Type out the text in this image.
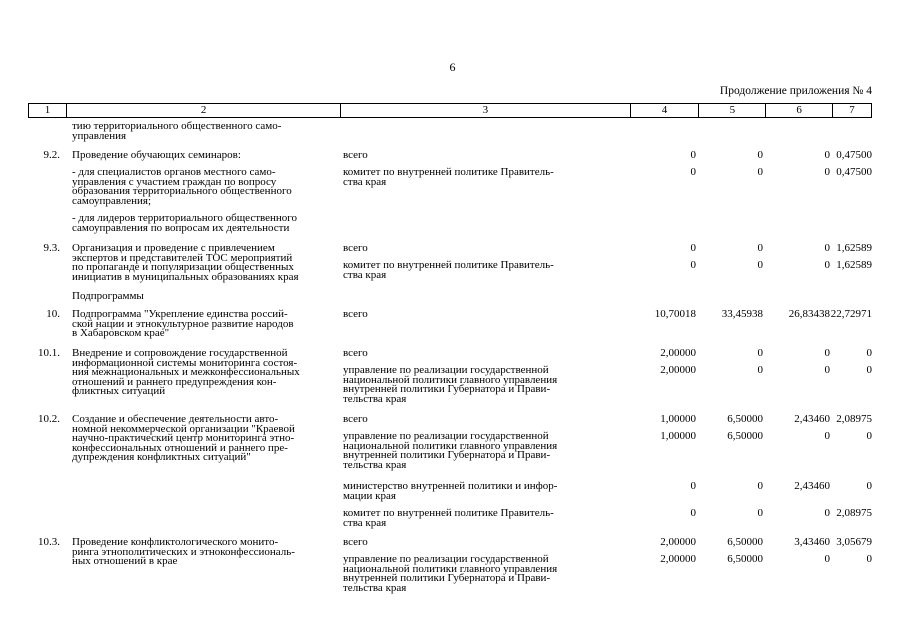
6
Продолжение приложения № 4
1	2	3	4	5	6	7
тию территориального общественного само-
управления
9.2.	Проведение обучающих семинаров:	всего	0	0	0 0,47500
- для специалистов органов местного само-
управления с участием граждан по вопросу
образования территориального общественного
самоуправления;
комитет по внутренней политике Правитель-
ства края
0	0	0 0,47500
- для лидеров территориального общественного
самоуправления по вопросам их деятельности
9.3.	Организация и проведение с привлечением
экспертов и представителей ТОС мероприятий
по пропаганде и популяризации общественных
инициатив в муниципальных образованиях края
всего	0	0	0 1,62589
комитет по внутренней политике Правитель-
ства края
0	0	0 1,62589
Подпрограммы
10.	Подпрограмма "Укрепление единства россий-
ской нации и этнокультурное развитие народов
в Хабаровском крае"
всего	10,70018	33,45938	26,83438 22,72971
10.1.	Внедрение и сопровождение государственной
информационной системы мониторинга состоя-
ния межнациональных и межконфессиональных
отношений и раннего предупреждения кон-
фликтных ситуаций
всего	2,00000	0	0	0
управление по реализации государственной
национальной политики главного управления
внутренней политики Губернатора и Прави-
тельства края
2,00000	0	0	0
10.2.	Создание и обеспечение деятельности авто-
номной некоммерческой организации "Краевой
научно-практический центр мониторинга этно-
конфессиональных отношений и раннего пре-
дупреждения конфликтных ситуаций"
всего	1,00000	6,50000	2,43460 2,08975
управление по реализации государственной
национальной политики главного управления
внутренней политики Губернатора и Прави-
тельства края
1,00000	6,50000	0	0
министерство внутренней политики и инфор-
мации края
0	0	2,43460	0
комитет по внутренней политике Правитель-
ства края
0	0	0 2,08975
10.3.	Проведение конфликтологического монито-
ринга этнополитических и этноконфессиональ-
ных отношений в крае
всего	2,00000	6,50000	3,43460 3,05679
управление по реализации государственной
национальной политики главного управления
внутренней политики Губернатора и Прави-
тельства края
2,00000	6,50000	0	0
